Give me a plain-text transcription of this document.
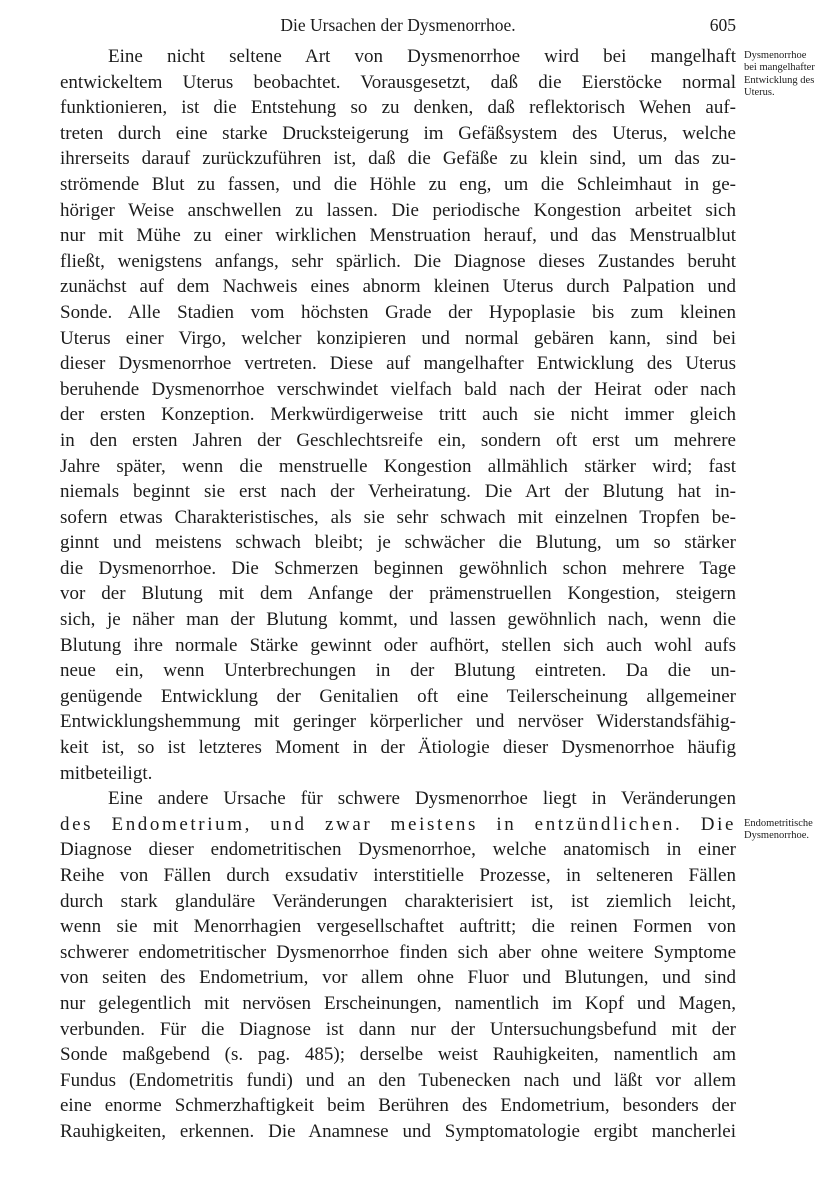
Die Ursachen der Dysmenorrhoe.	605
Eine nicht seltene Art von Dysmenorrhoe wird bei mangelhaft
entwickeltem Uterus beobachtet. Vorausgesetzt, daß die Eierstöcke normal
funktionieren, ist die Entstehung so zu denken, daß reflektorisch Wehen auf-
treten durch eine starke Drucksteigerung im Gefäßsystem des Uterus, welche
ihrerseits darauf zurückzuführen ist, daß die Gefäße zu klein sind, um das zu-
strömende Blut zu fassen, und die Höhle zu eng, um die Schleimhaut in ge-
höriger Weise anschwellen zu lassen. Die periodische Kongestion arbeitet sich
nur mit Mühe zu einer wirklichen Menstruation herauf, und das Menstrualblut
fließt, wenigstens anfangs, sehr spärlich. Die Diagnose dieses Zustandes beruht
zunächst auf dem Nachweis eines abnorm kleinen Uterus durch Palpation und
Sonde. Alle Stadien vom höchsten Grade der Hypoplasie bis zum kleinen
Uterus einer Virgo, welcher konzipieren und normal gebären kann, sind bei
dieser Dysmenorrhoe vertreten. Diese auf mangelhafter Entwicklung des Uterus
beruhende Dysmenorrhoe verschwindet vielfach bald nach der Heirat oder nach
der ersten Konzeption. Merkwürdigerweise tritt auch sie nicht immer gleich
in den ersten Jahren der Geschlechtsreife ein, sondern oft erst um mehrere
Jahre später, wenn die menstruelle Kongestion allmählich stärker wird; fast
niemals beginnt sie erst nach der Verheiratung. Die Art der Blutung hat in-
sofern etwas Charakteristisches, als sie sehr schwach mit einzelnen Tropfen be-
ginnt und meistens schwach bleibt; je schwächer die Blutung, um so stärker
die Dysmenorrhoe. Die Schmerzen beginnen gewöhnlich schon mehrere Tage
vor der Blutung mit dem Anfange der prämenstruellen Kongestion, steigern
sich, je näher man der Blutung kommt, und lassen gewöhnlich nach, wenn die
Blutung ihre normale Stärke gewinnt oder aufhört, stellen sich auch wohl aufs
neue ein, wenn Unterbrechungen in der Blutung eintreten. Da die un-
genügende Entwicklung der Genitalien oft eine Teilerscheinung allgemeiner
Entwicklungshemmung mit geringer körperlicher und nervöser Widerstandsfähig-
keit ist, so ist letzteres Moment in der Ätiologie dieser Dysmenorrhoe häufig
mitbeteiligt.
Eine andere Ursache für schwere Dysmenorrhoe liegt in Veränderungen
des Endometrium, und zwar meistens in entzündlichen. Die
Diagnose dieser endometritischen Dysmenorrhoe, welche anatomisch in einer
Reihe von Fällen durch exsudativ interstitielle Prozesse, in selteneren Fällen
durch stark glanduläre Veränderungen charakterisiert ist, ist ziemlich leicht,
wenn sie mit Menorrhagien vergesellschaftet auftritt; die reinen Formen von
schwerer endometritischer Dysmenorrhoe finden sich aber ohne weitere Symptome
von seiten des Endometrium, vor allem ohne Fluor und Blutungen, und sind
nur gelegentlich mit nervösen Erscheinungen, namentlich im Kopf und Magen,
verbunden. Für die Diagnose ist dann nur der Untersuchungsbefund mit der
Sonde maßgebend (s. pag. 485); derselbe weist Rauhigkeiten, namentlich am
Fundus (Endometritis fundi) und an den Tubenecken nach und läßt vor allem
eine enorme Schmerzhaftigkeit beim Berühren des Endometrium, besonders der
Rauhigkeiten, erkennen. Die Anamnese und Symptomatologie ergibt mancherlei
Dysmenorrhoe
bei mangelhafter
Entwicklung des
Uterus.
Endometritische
Dysmenorrhoe.
